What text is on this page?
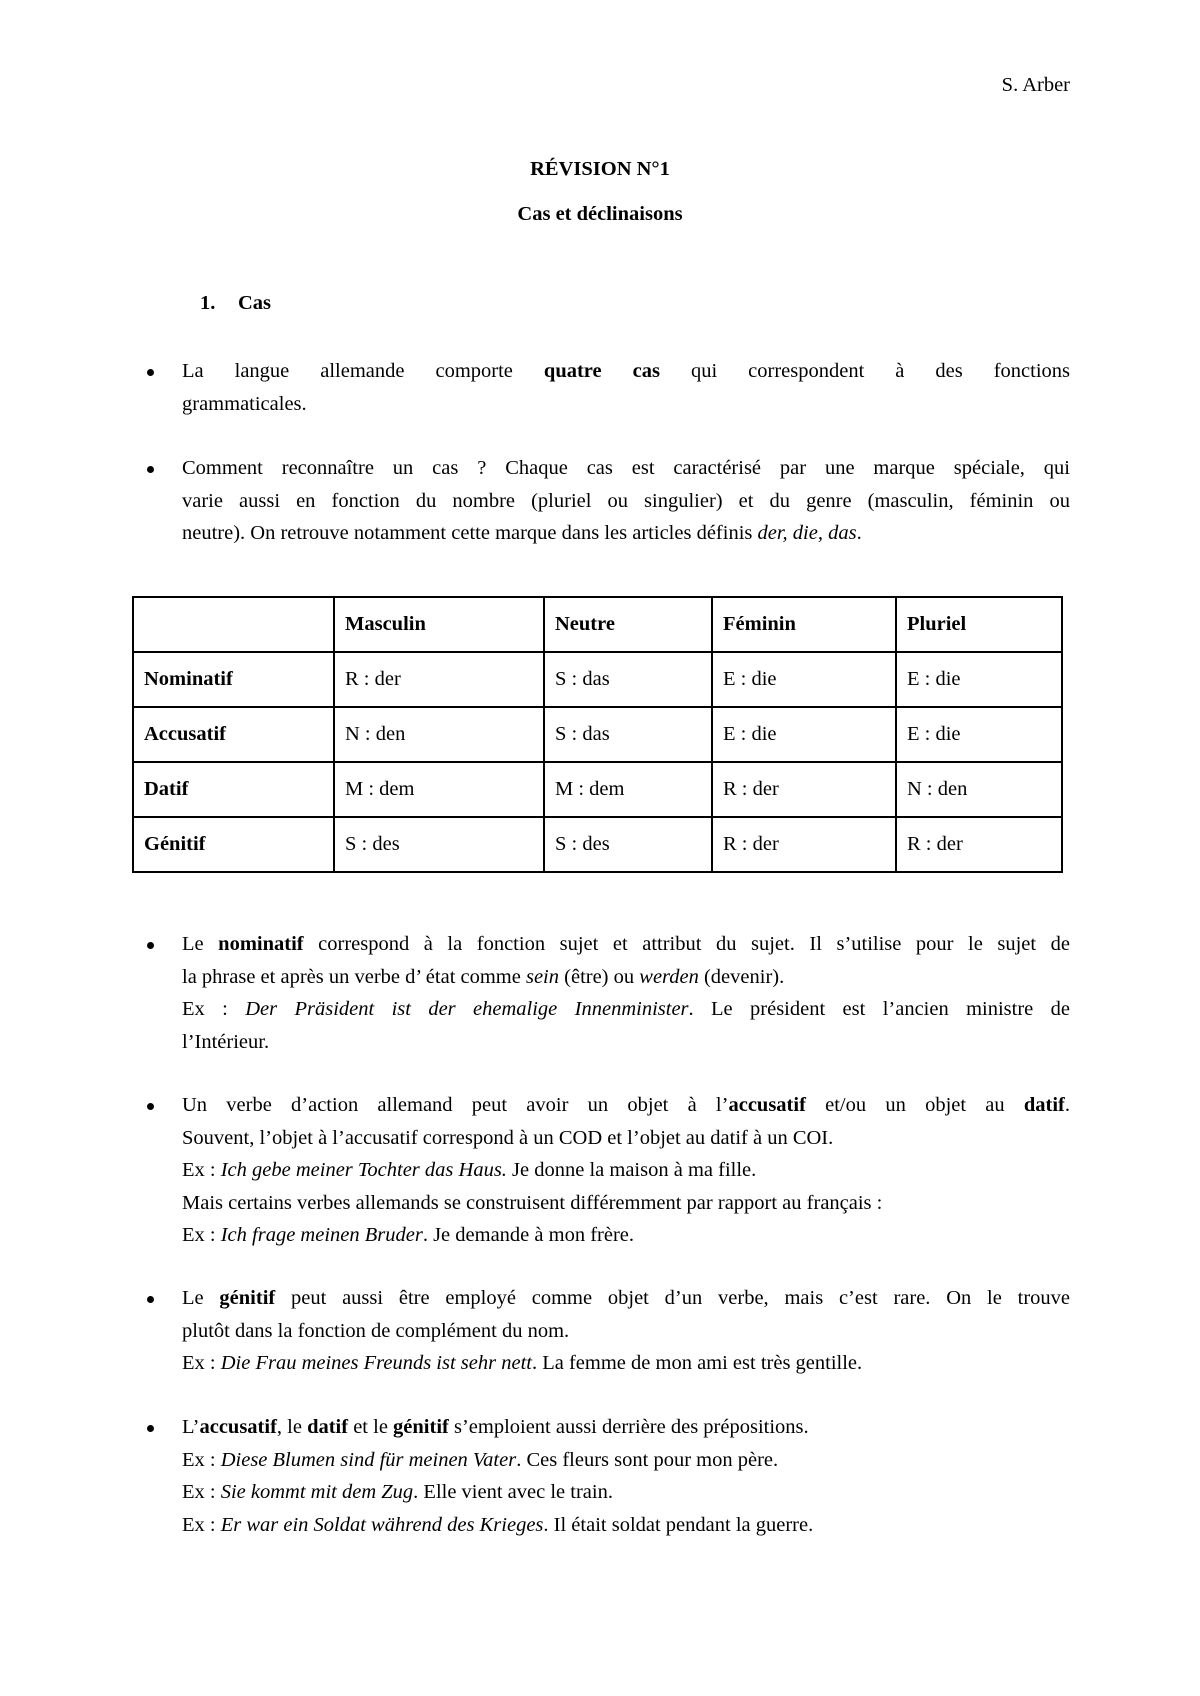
S. Arber
RÉVISION N°1
Cas et déclinaisons
1. Cas
La langue allemande comporte quatre cas qui correspondent à des fonctions
grammaticales.
Comment reconnaître un cas ? Chaque cas est caractérisé par une marque spéciale, qui
varie aussi en fonction du nombre (pluriel ou singulier) et du genre (masculin, féminin ou
neutre). On retrouve notamment cette marque dans les articles définis der, die, das.
	Masculin	Neutre	Féminin	Pluriel
Nominatif	R : der	S : das	E : die	E : die
Accusatif	N : den	S : das	E : die	E : die
Datif	M : dem	M : dem	R : der	N : den
Génitif	S : des	S : des	R : der	R : der
Le nominatif correspond à la fonction sujet et attribut du sujet. Il s’utilise pour le sujet de
la phrase et après un verbe d’ état comme sein (être) ou werden (devenir).
Ex : Der Präsident ist der ehemalige Innenminister. Le président est l’ancien ministre de
l’Intérieur.
Un verbe d’action allemand peut avoir un objet à l’accusatif et/ou un objet au datif.
Souvent, l’objet à l’accusatif correspond à un COD et l’objet au datif à un COI.
Ex : Ich gebe meiner Tochter das Haus. Je donne la maison à ma fille.
Mais certains verbes allemands se construisent différemment par rapport au français :
Ex : Ich frage meinen Bruder. Je demande à mon frère.
Le génitif peut aussi être employé comme objet d’un verbe, mais c’est rare. On le trouve
plutôt dans la fonction de complément du nom.
Ex : Die Frau meines Freunds ist sehr nett. La femme de mon ami est très gentille.
L’accusatif, le datif et le génitif s’emploient aussi derrière des prépositions.
Ex : Diese Blumen sind für meinen Vater. Ces fleurs sont pour mon père.
Ex : Sie kommt mit dem Zug. Elle vient avec le train.
Ex : Er war ein Soldat während des Krieges. Il était soldat pendant la guerre.
